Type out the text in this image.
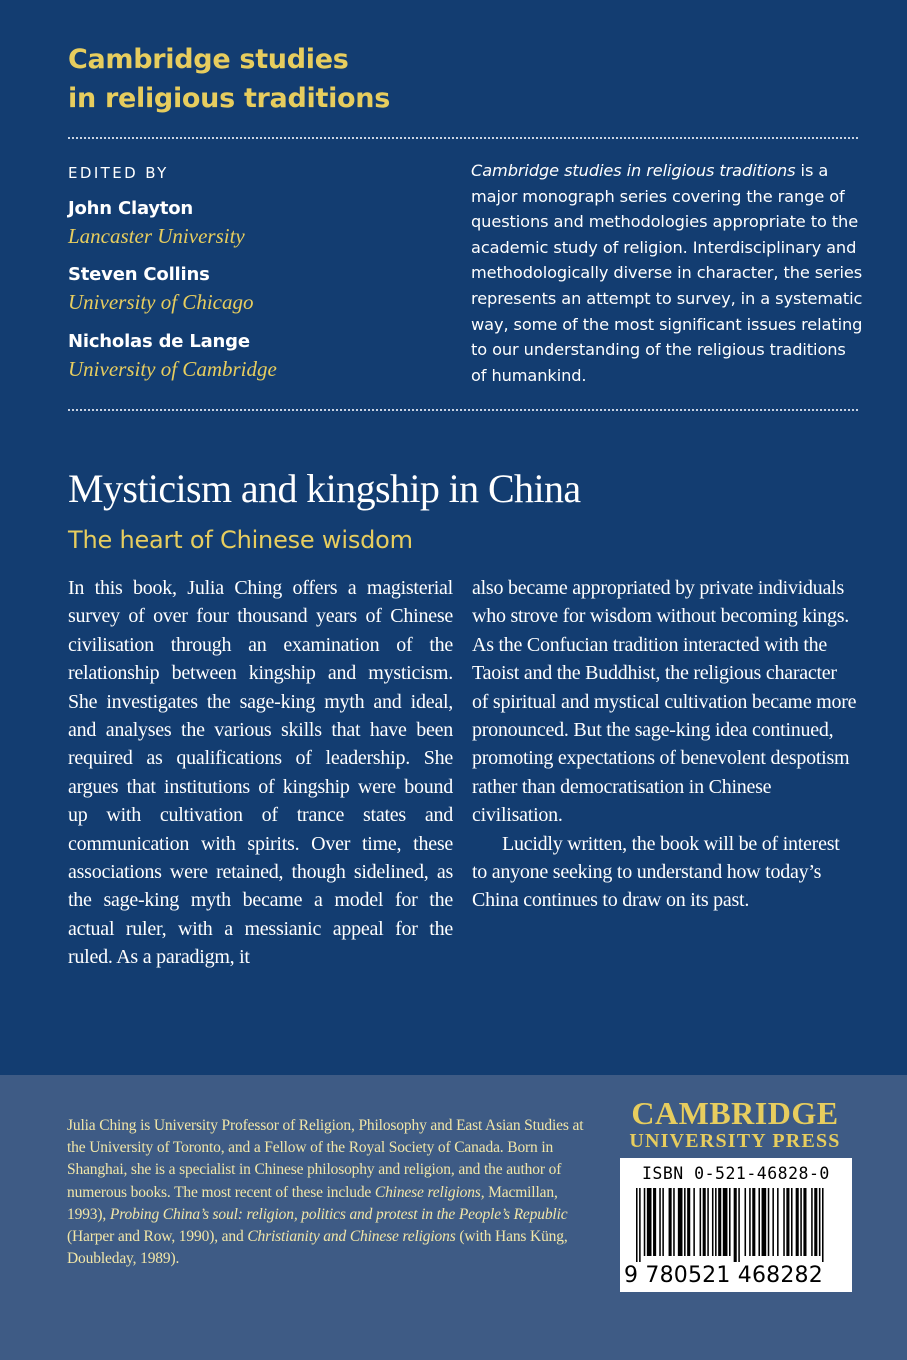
Cambridge studies
in religious traditions
EDITED BY
John Clayton
Lancaster University
Steven Collins
University of Chicago
Nicholas de Lange
University of Cambridge
Cambridge studies in religious traditions is a major monograph series covering the range of questions and methodologies appropriate to the academic study of religion. Interdisciplinary and methodologically diverse in character, the series represents an attempt to survey, in a systematic way, some of the most significant issues relating to our understanding of the religious traditions of humankind.
Mysticism and kingship in China
The heart of Chinese wisdom

In this book, Julia Ching offers a magisterial survey of over four thousand years of Chinese civilisation through an examination of the relationship between kingship and mysticism. She investigates the sage-king myth and ideal, and analyses the various skills that have been required as qualifications of leadership. She argues that institutions of kingship were bound up with cultivation of trance states and communication with spirits. Over time, these associations were retained, though sidelined, as the sage-king myth became a model for the actual ruler, with a messianic appeal for the ruled. As a paradigm, it

also became appropriated by private individuals who strove for wisdom without becoming kings. As the Confucian tradition interacted with the Taoist and the Buddhist, the religious character of spiritual and mystical cultivation became more pronounced. But the sage-king idea continued, promoting expectations of benevolent despotism rather than democratisation in Chinese civilisation.

Lucidly written, the book will be of interest to anyone seeking to understand how today’s China continues to draw on its past.

Julia Ching is University Professor of Religion, Philosophy and East Asian Studies at the University of Toronto, and a Fellow of the Royal Society of Canada. Born in Shanghai, she is a specialist in Chinese philosophy and religion, and the author of numerous books. The most recent of these include Chinese religions, Macmillan, 1993), Probing China’s soul: religion, politics and protest in the People’s Republic (Harper and Row, 1990), and Christianity and Chinese religions (with Hans Küng, Doubleday, 1989).
CAMBRIDGE
UNIVERSITY PRESS
ISBN 0-521-46828-0
9 780521 468282
